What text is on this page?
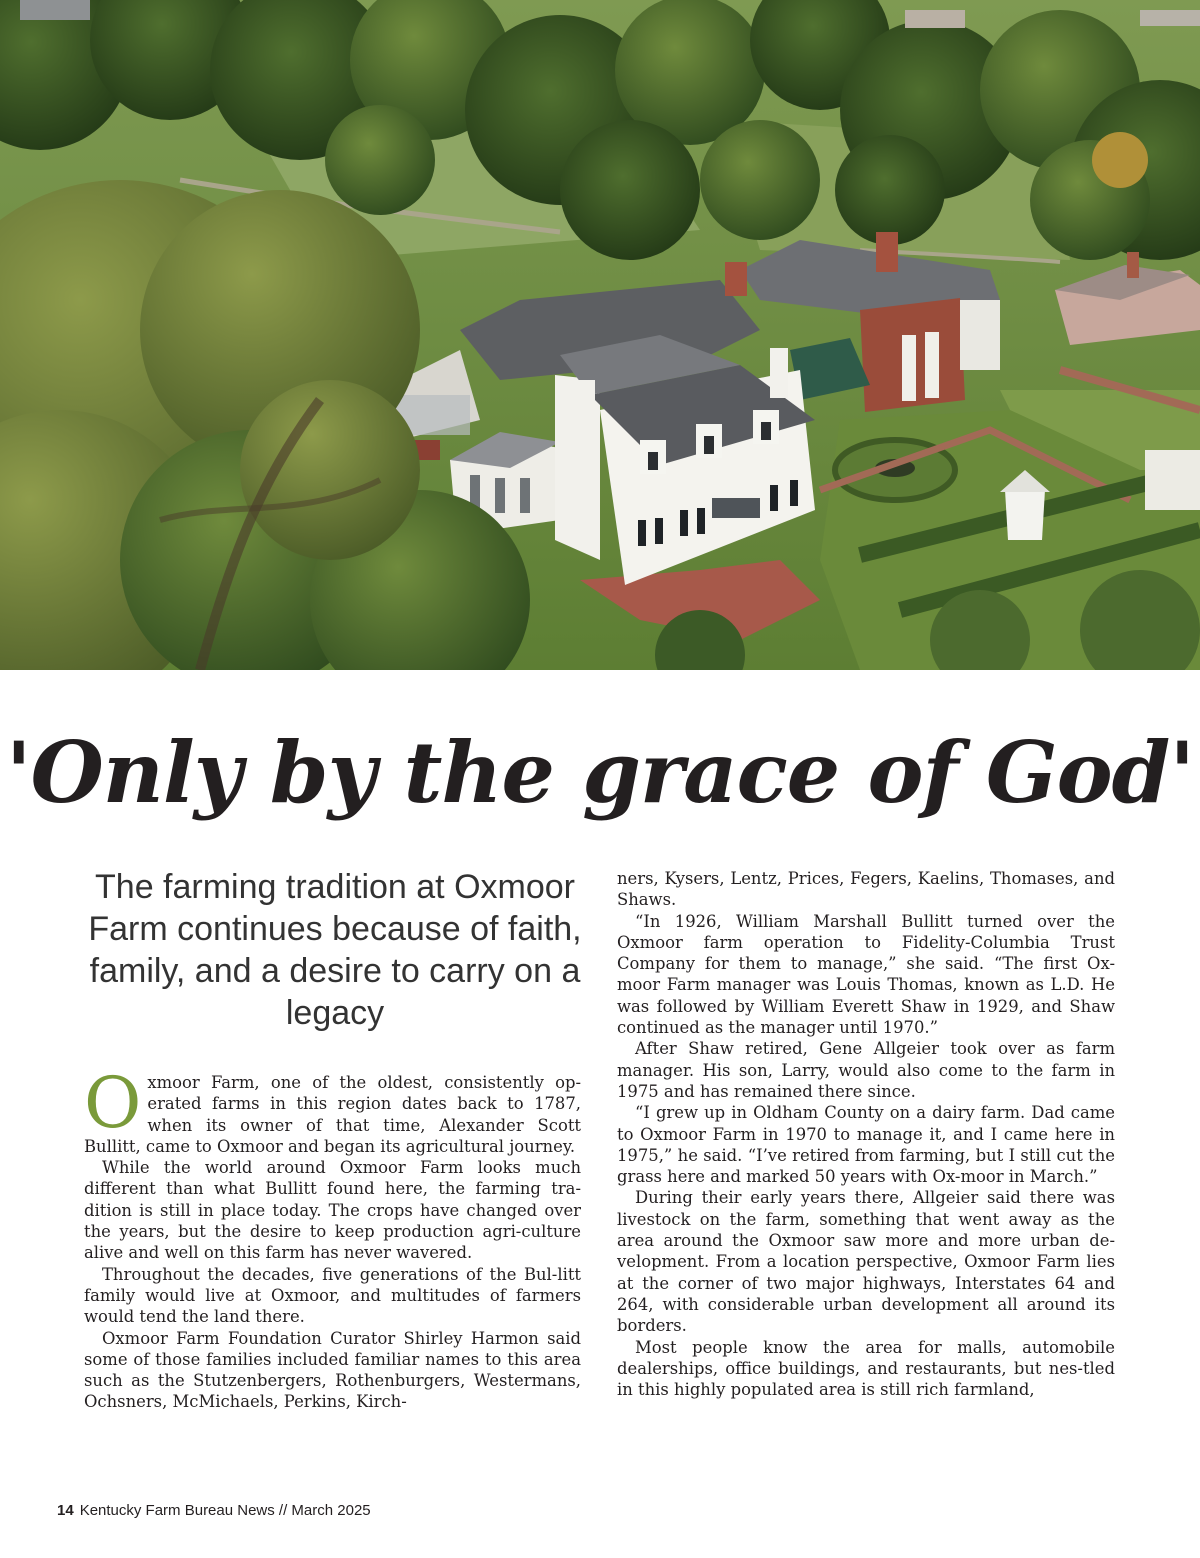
'Only by the grace of God'
The farming tradition at Oxmoor Farm continues because of faith, family, and a desire to carry on a legacy

Oxmoor Farm, one of the oldest, consistently op-erated farms in this region dates back to 1787, when its owner of that time, Alexander Scott Bullitt, came to Oxmoor and began its agricultural journey.

While the world around Oxmoor Farm looks much different than what Bullitt found here, the farming tra-dition is still in place today. The crops have changed over the years, but the desire to keep production agri-culture alive and well on this farm has never wavered.

Throughout the decades, five generations of the Bul-litt family would live at Oxmoor, and multitudes of farmers would tend the land there.

Oxmoor Farm Foundation Curator Shirley Harmon said some of those families included familiar names to this area such as the Stutzenbergers, Rothenburgers, Westermans, Ochsners, McMichaels, Perkins, Kirch-

ners, Kysers, Lentz, Prices, Fegers, Kaelins, Thomases, and Shaws.

“In 1926, William Marshall Bullitt turned over the Oxmoor farm operation to Fidelity-Columbia Trust Company for them to manage,” she said. “The first Ox-moor Farm manager was Louis Thomas, known as L.D. He was followed by William Everett Shaw in 1929, and Shaw continued as the manager until 1970.”

After Shaw retired, Gene Allgeier took over as farm manager. His son, Larry, would also come to the farm in 1975 and has remained there since.

“I grew up in Oldham County on a dairy farm. Dad came to Oxmoor Farm in 1970 to manage it, and I came here in 1975,” he said. “I’ve retired from farming, but I still cut the grass here and marked 50 years with Ox-moor in March.”

During their early years there, Allgeier said there was livestock on the farm, something that went away as the area around the Oxmoor saw more and more urban de-velopment. From a location perspective, Oxmoor Farm lies at the corner of two major highways, Interstates 64 and 264, with considerable urban development all around its borders.

Most people know the area for malls, automobile dealerships, office buildings, and restaurants, but nes-tled in this highly populated area is still rich farmland,

14 Kentucky Farm Bureau News // March 2025
